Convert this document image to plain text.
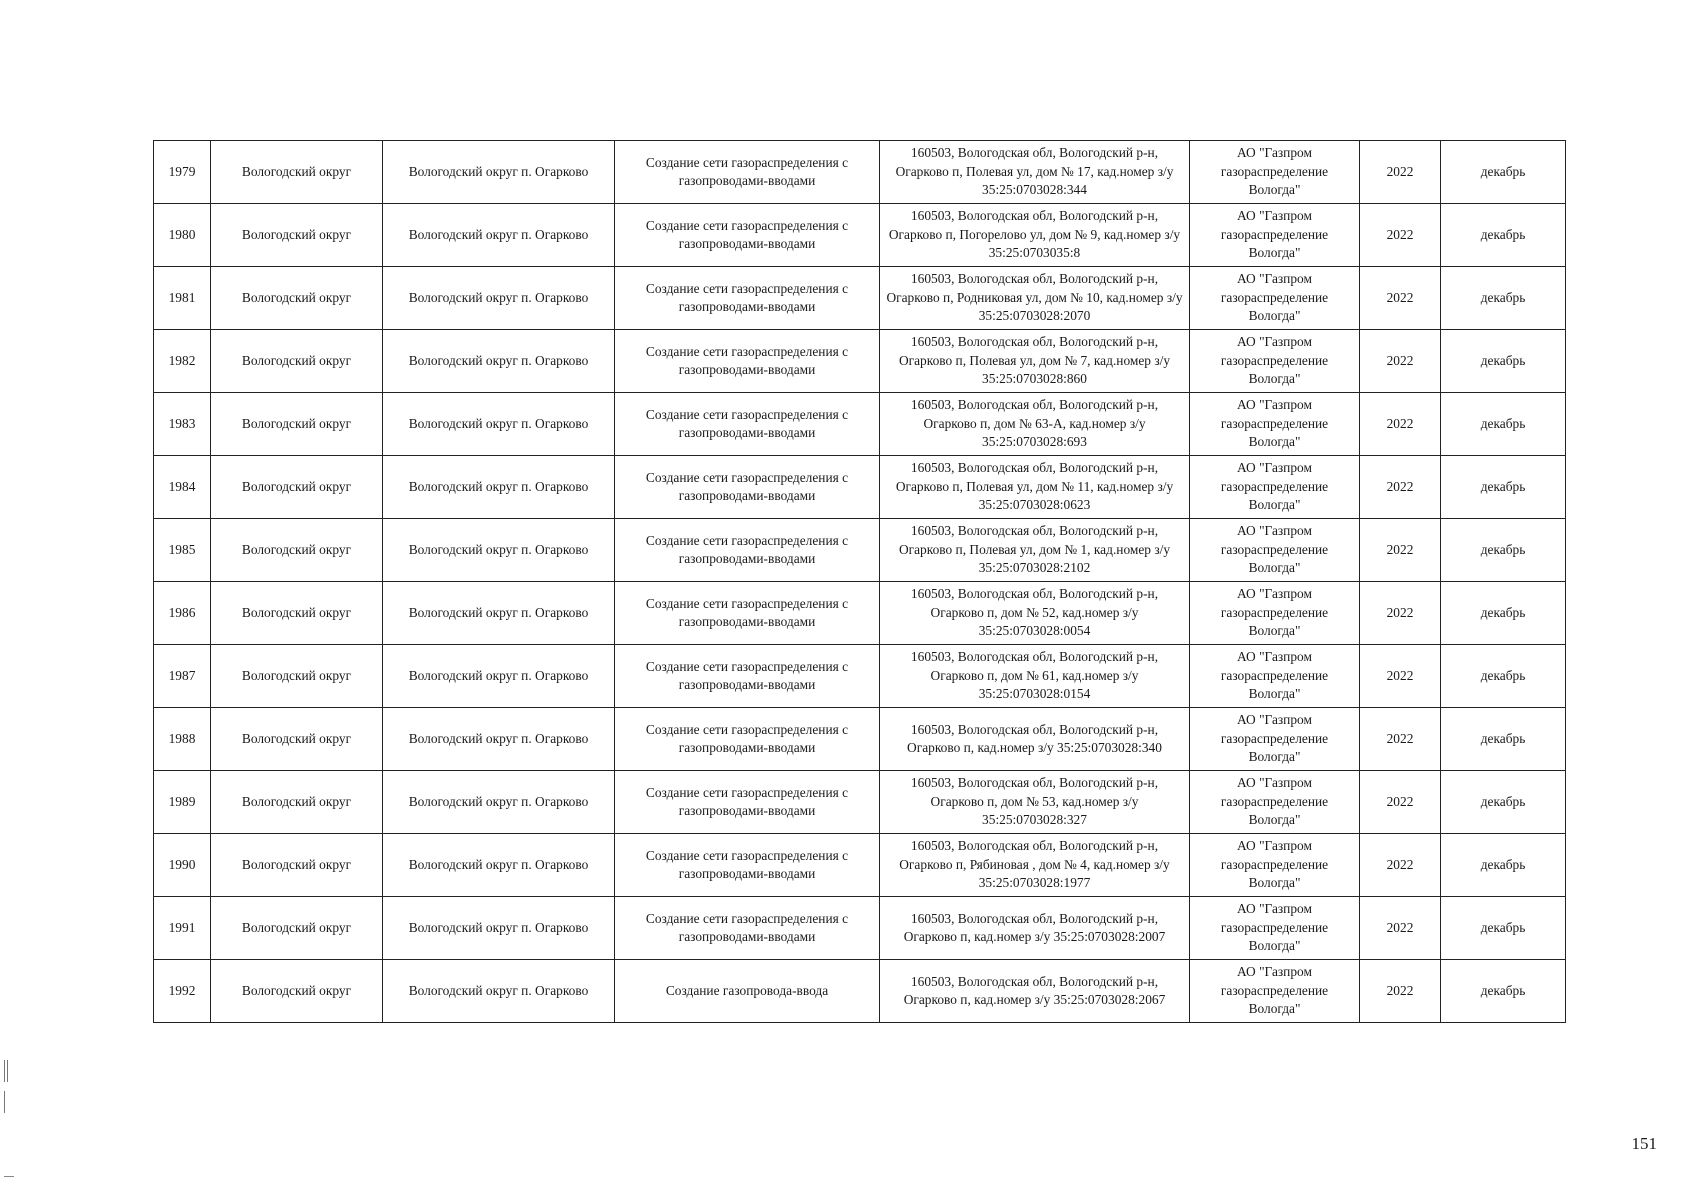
1979	Вологодский округ	Вологодский округ п. Огарково	Создание сети газораспределения с газопроводами-вводами	160503, Вологодская обл, Вологодский р-н, Огарково п, Полевая ул, дом № 17, кад.номер з/у 35:25:0703028:344	АО "Газпром газораспределение Вологда"	2022	декабрь
1980	Вологодский округ	Вологодский округ п. Огарково	Создание сети газораспределения с газопроводами-вводами	160503, Вологодская обл, Вологодский р-н, Огарково п, Погорелово ул, дом № 9, кад.номер з/у 35:25:0703035:8	АО "Газпром газораспределение Вологда"	2022	декабрь
1981	Вологодский округ	Вологодский округ п. Огарково	Создание сети газораспределения с газопроводами-вводами	160503, Вологодская обл, Вологодский р-н, Огарково п, Родниковая ул, дом № 10, кад.номер з/у 35:25:0703028:2070	АО "Газпром газораспределение Вологда"	2022	декабрь
1982	Вологодский округ	Вологодский округ п. Огарково	Создание сети газораспределения с газопроводами-вводами	160503, Вологодская обл, Вологодский р-н, Огарково п, Полевая ул, дом № 7, кад.номер з/у 35:25:0703028:860	АО "Газпром газораспределение Вологда"	2022	декабрь
1983	Вологодский округ	Вологодский округ п. Огарково	Создание сети газораспределения с газопроводами-вводами	160503, Вологодская обл, Вологодский р-н, Огарково п, дом № 63-А, кад.номер з/у 35:25:0703028:693	АО "Газпром газораспределение Вологда"	2022	декабрь
1984	Вологодский округ	Вологодский округ п. Огарково	Создание сети газораспределения с газопроводами-вводами	160503, Вологодская обл, Вологодский р-н, Огарково п, Полевая ул, дом № 11, кад.номер з/у 35:25:0703028:0623	АО "Газпром газораспределение Вологда"	2022	декабрь
1985	Вологодский округ	Вологодский округ п. Огарково	Создание сети газораспределения с газопроводами-вводами	160503, Вологодская обл, Вологодский р-н, Огарково п, Полевая ул, дом № 1, кад.номер з/у 35:25:0703028:2102	АО "Газпром газораспределение Вологда"	2022	декабрь
1986	Вологодский округ	Вологодский округ п. Огарково	Создание сети газораспределения с газопроводами-вводами	160503, Вологодская обл, Вологодский р-н, Огарково п, дом № 52, кад.номер з/у 35:25:0703028:0054	АО "Газпром газораспределение Вологда"	2022	декабрь
1987	Вологодский округ	Вологодский округ п. Огарково	Создание сети газораспределения с газопроводами-вводами	160503, Вологодская обл, Вологодский р-н, Огарково п, дом № 61, кад.номер з/у 35:25:0703028:0154	АО "Газпром газораспределение Вологда"	2022	декабрь
1988	Вологодский округ	Вологодский округ п. Огарково	Создание сети газораспределения с газопроводами-вводами	160503, Вологодская обл, Вологодский р-н, Огарково п, кад.номер з/у 35:25:0703028:340	АО "Газпром газораспределение Вологда"	2022	декабрь
1989	Вологодский округ	Вологодский округ п. Огарково	Создание сети газораспределения с газопроводами-вводами	160503, Вологодская обл, Вологодский р-н, Огарково п, дом № 53, кад.номер з/у 35:25:0703028:327	АО "Газпром газораспределение Вологда"	2022	декабрь
1990	Вологодский округ	Вологодский округ п. Огарково	Создание сети газораспределения с газопроводами-вводами	160503, Вологодская обл, Вологодский р-н, Огарково п, Рябиновая , дом № 4, кад.номер з/у 35:25:0703028:1977	АО "Газпром газораспределение Вологда"	2022	декабрь
1991	Вологодский округ	Вологодский округ п. Огарково	Создание сети газораспределения с газопроводами-вводами	160503, Вологодская обл, Вологодский р-н, Огарково п, кад.номер з/у 35:25:0703028:2007	АО "Газпром газораспределение Вологда"	2022	декабрь
1992	Вологодский округ	Вологодский округ п. Огарково	Создание газопровода-ввода	160503, Вологодская обл, Вологодский р-н, Огарково п, кад.номер з/у 35:25:0703028:2067	АО "Газпром газораспределение Вологда"	2022	декабрь
151
